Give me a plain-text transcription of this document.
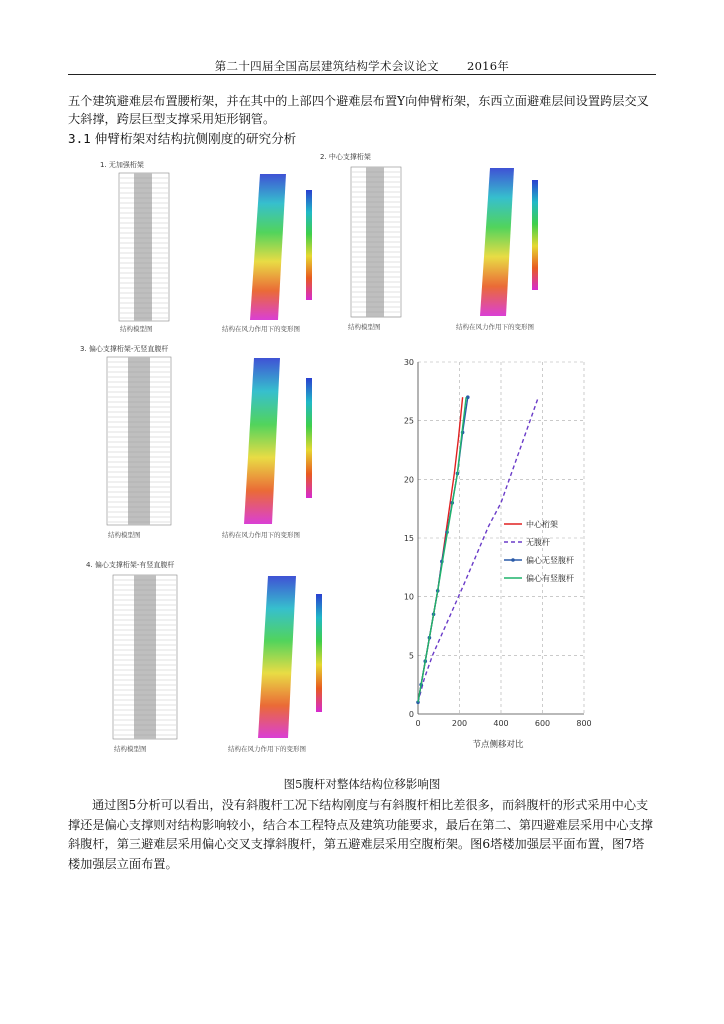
第二十四届全国高层建筑结构学术会议论文 2016年
五个建筑避难层布置腰桁架，并在其中的上部四个避难层布置Y向伸臂桁架，东西立面避难层间设置跨层交叉大斜撑，跨层巨型支撑采用矩形钢管。
3.1 伸臂桁架对结构抗侧刚度的研究分析
1. 无加强桁架
结构模型图	结构在风力作用下的变形图
2. 中心支撑桁架
结构模型图	结构在风力作用下的变形图
3. 偏心支撑桁架-无竖直腹杆
结构模型图	结构在风力作用下的变形图
4. 偏心支撑桁架-有竖直腹杆
结构模型图	结构在风力作用下的变形图
0	200	400	600	800
0
5
10
15
20
25
30
中心桁架
无腹杆
偏心无竖腹杆
偏心有竖腹杆
节点侧移对比
图5腹杆对整体结构位移影响图
通过图5分析可以看出，没有斜腹杆工况下结构刚度与有斜腹杆相比差很多，而斜腹杆的形式采用中心支撑还是偏心支撑则对结构影响较小，结合本工程特点及建筑功能要求，最后在第二、第四避难层采用中心支撑斜腹杆，第三避难层采用偏心交叉支撑斜腹杆，第五避难层采用空腹桁架。图6塔楼加强层平面布置，图7塔楼加强层立面布置。
